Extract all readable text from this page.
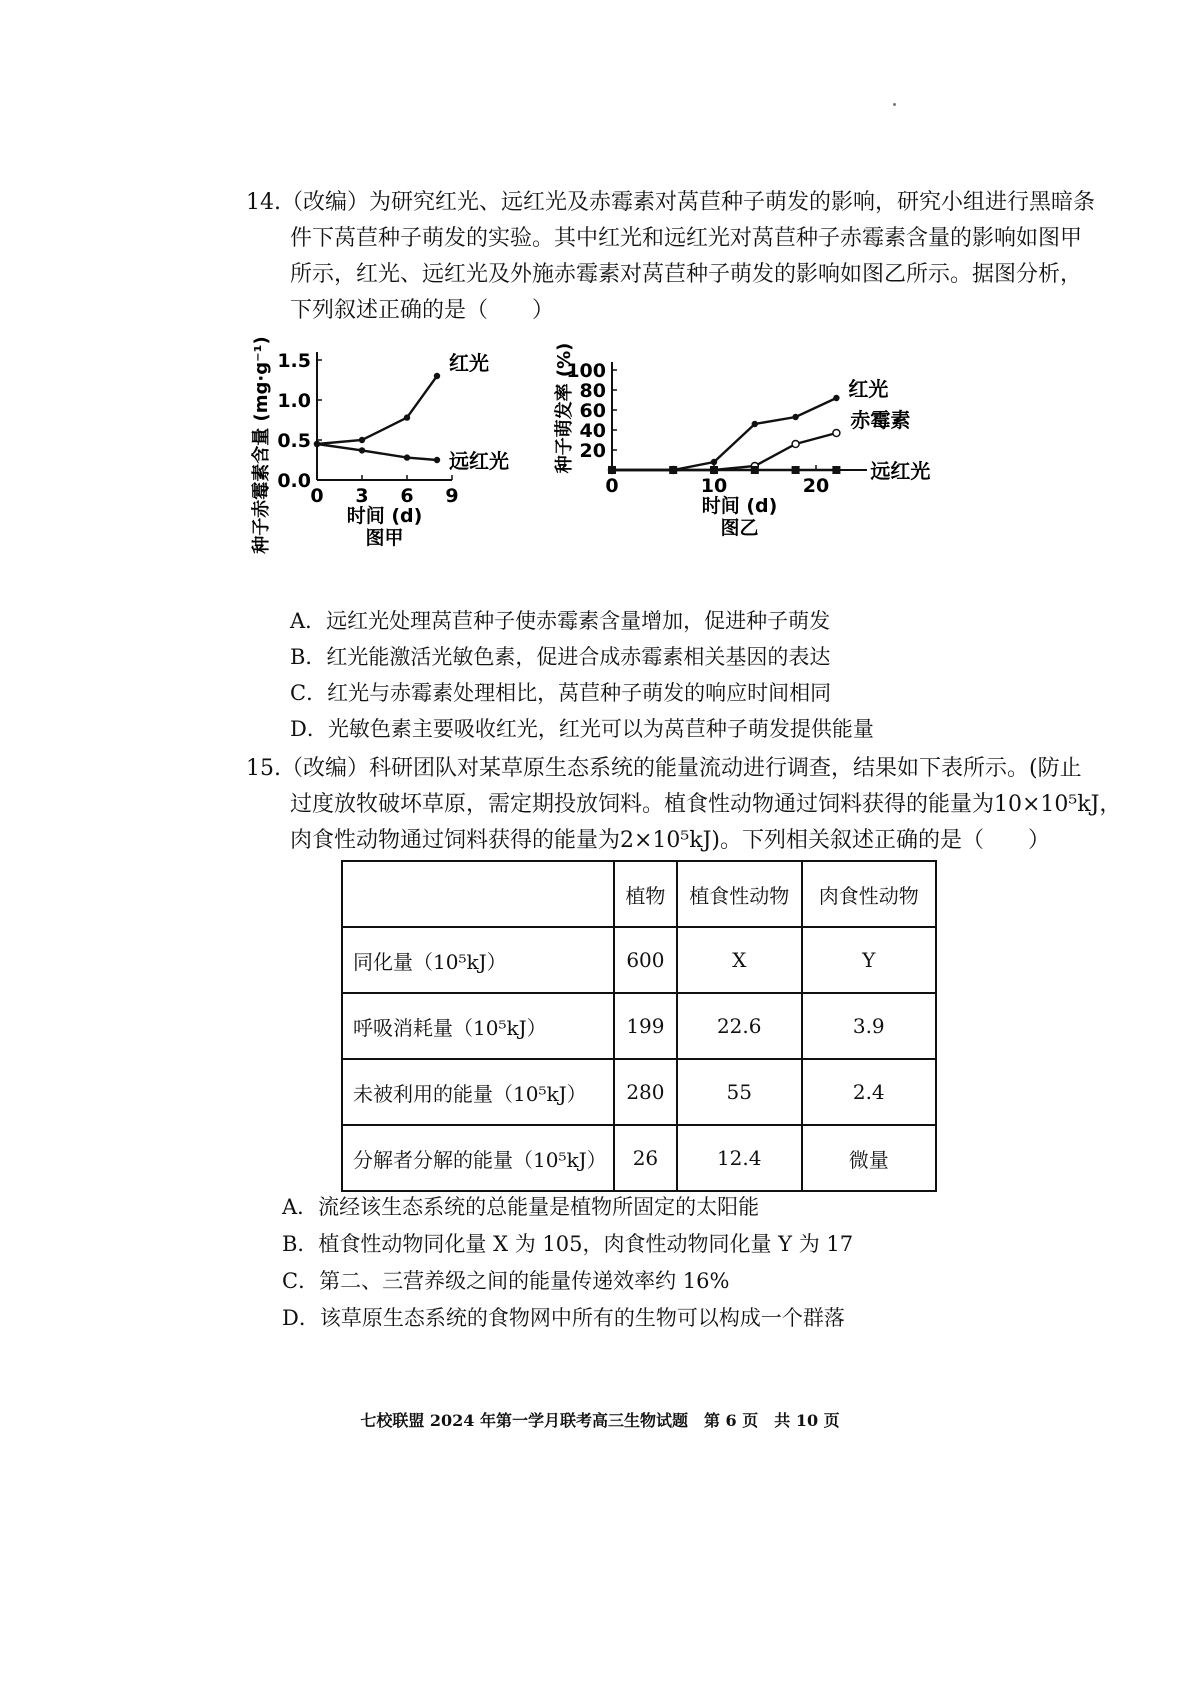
14.（改编）为研究红光、远红光及赤霉素对莴苣种子萌发的影响，研究小组进行黑暗条
件下莴苣种子萌发的实验。其中红光和远红光对莴苣种子赤霉素含量的影响如图甲
所示，红光、远红光及外施赤霉素对莴苣种子萌发的影响如图乙所示。据图分析，
下列叙述正确的是（　　）
0.0
0.5
1.0
1.5
0 3 6 9
时间 (d)
图甲
种子赤霉素含量 (mg·g⁻¹)	红光
远红光	20
40
60
80
100
0	10	20
时间 (d)
图乙
种子萌发率 (%)	红光
赤霉素
远红光
A．远红光处理莴苣种子使赤霉素含量增加，促进种子萌发
B．红光能激活光敏色素，促进合成赤霉素相关基因的表达
C．红光与赤霉素处理相比，莴苣种子萌发的响应时间相同
D．光敏色素主要吸收红光，红光可以为莴苣种子萌发提供能量
15.（改编）科研团队对某草原生态系统的能量流动进行调查，结果如下表所示。(防止
过度放牧破坏草原，需定期投放饲料。植食性动物通过饲料获得的能量为10×10⁵kJ，
肉食性动物通过饲料获得的能量为2×10⁵kJ)。下列相关叙述正确的是（　　）
	植物	植食性动物	肉食性动物
同化量（10⁵kJ）	600	X	Y
呼吸消耗量（10⁵kJ）	199	22.6	3.9
未被利用的能量（10⁵kJ）	280	55	2.4
分解者分解的能量（10⁵kJ）	26	12.4	微量
A．流经该生态系统的总能量是植物所固定的太阳能
B．植食性动物同化量 X 为 105，肉食性动物同化量 Y 为 17
C．第二、三营养级之间的能量传递效率约 16%
D．该草原生态系统的食物网中所有的生物可以构成一个群落
七校联盟 2024 年第一学月联考高三生物试题　第 6 页　共 10 页
